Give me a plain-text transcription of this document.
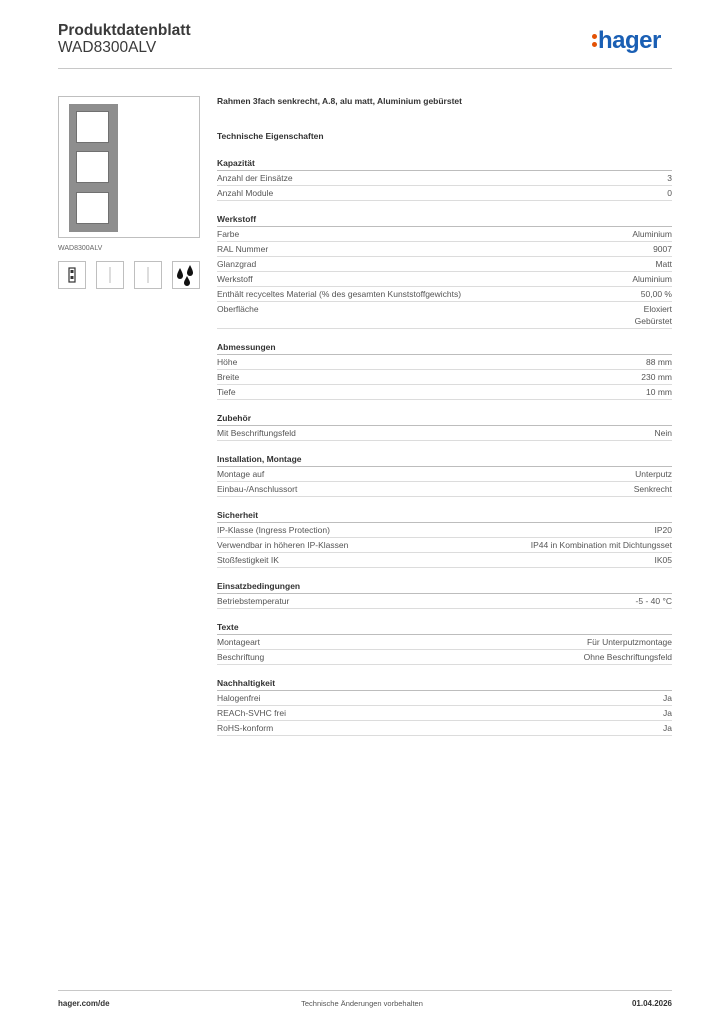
Produktdatenblatt
WAD8300ALV	hager
WAD8300ALV
Rahmen 3fach senkrecht, A.8, alu matt, Aluminium gebürstet
Technische Eigenschaften
Kapazität
Anzahl der Einsätze	3
Anzahl Module	0
Werkstoff
Farbe	Aluminium
RAL Nummer	9007
Glanzgrad	Matt
Werkstoff	Aluminium
Enthält recyceltes Material (% des gesamten Kunststoffgewichts)	50,00 %
Oberfläche	Eloxiert
Gebürstet
Abmessungen
Höhe	88 mm
Breite	230 mm
Tiefe	10 mm
Zubehör
Mit Beschriftungsfeld	Nein
Installation, Montage
Montage auf	Unterputz
Einbau-/Anschlussort	Senkrecht
Sicherheit
IP-Klasse (Ingress Protection)	IP20
Verwendbar in höheren IP-Klassen	IP44 in Kombination mit Dichtungsset
Stoßfestigkeit IK	IK05
Einsatzbedingungen
Betriebstemperatur	-5 - 40 °C
Texte
Montageart	Für Unterputzmontage
Beschriftung	Ohne Beschriftungsfeld
Nachhaltigkeit
Halogenfrei	Ja
REACh-SVHC frei	Ja
RoHS-konform	Ja
hager.com/de	Technische Änderungen vorbehalten	01.04.2026
